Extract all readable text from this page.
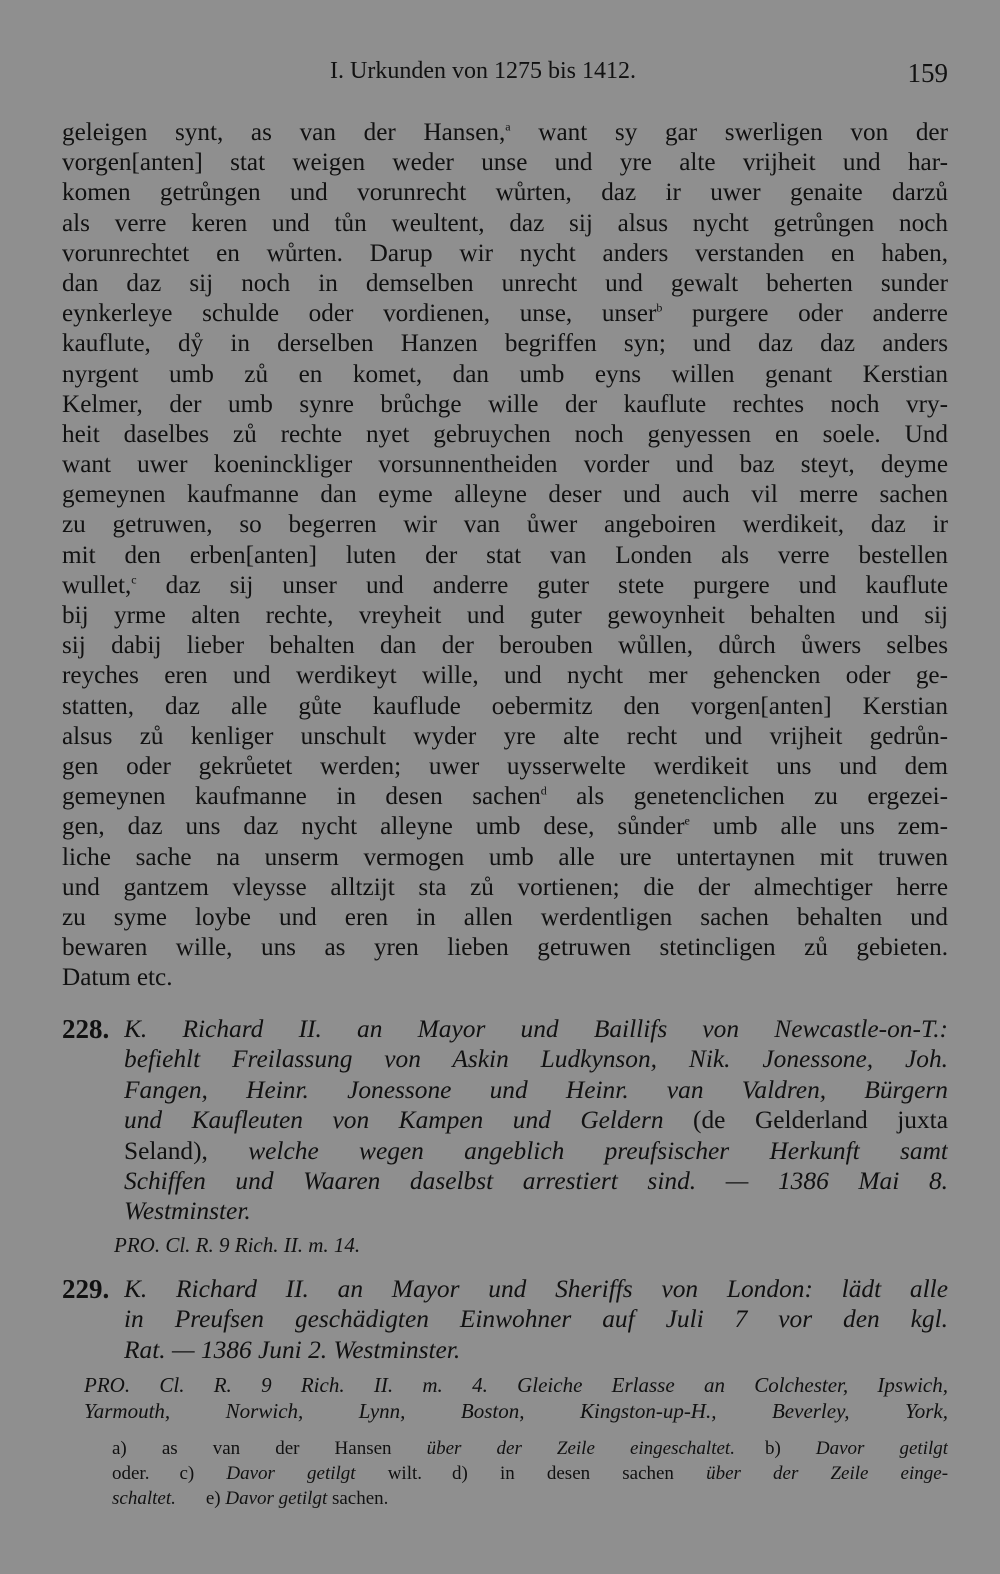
I. Urkunden von 1275 bis 1412.	159
geleigen synt, as van der Hansen,$^a$ want sy gar swerligen von der
vorgen[anten] stat weigen weder unse und yre alte vrijheit und har-
komen getrůngen und vorunrecht wůrten, daz ir uwer genaite darzů
als verre keren und tůn weultent, daz sij alsus nycht getrůngen noch
vorunrechtet en wůrten. Darup wir nycht anders verstanden en haben,
dan daz sij noch in demselben unrecht und gewalt beherten sunder
eynkerleye schulde oder vordienen, unse, unser$^b$ purgere oder anderre
kauflute, dẙ in derselben Hanzen begriffen syn; und daz daz anders
nyrgent umb zů en komet, dan umb eyns willen genant Kerstian
Kelmer, der umb synre brůchge wille der kauflute rechtes noch vry-
heit daselbes zů rechte nyet gebruychen noch genyessen en soele. Und
want uwer koeninckliger vorsunnentheiden vorder und baz steyt, deyme
gemeynen kaufmanne dan eyme alleyne deser und auch vil merre sachen
zu getruwen, so begerren wir van ůwer angeboiren werdikeit, daz ir
mit den erben[anten] luten der stat van Londen als verre bestellen
wullet,$^c$ daz sij unser und anderre guter stete purgere und kauflute
bij yrme alten rechte, vreyheit und guter gewoynheit behalten und sij
sij dabij lieber behalten dan der berouben wůllen, důrch ůwers selbes
reyches eren und werdikeyt wille, und nycht mer gehencken oder ge-
statten, daz alle gůte kauflude oebermitz den vorgen[anten] Kerstian
alsus zů kenliger unschult wyder yre alte recht und vrijheit gedrůn-
gen oder gekrůetet werden; uwer uysserwelte werdikeit uns und dem
gemeynen kaufmanne in desen sachen$^d$ als genetenclichen zu ergezei-
gen, daz uns daz nycht alleyne umb dese, sůnder$^e$ umb alle uns zem-
liche sache na unserm vermogen umb alle ure untertaynen mit truwen
und gantzem vleysse alltzijt sta zů vortienen; die der almechtiger herre
zu syme loybe und eren in allen werdentligen sachen behalten und
bewaren wille, uns as yren lieben getruwen stetincligen zů gebieten.
Datum etc.
228. K. Richard II. an Mayor und Baillifs von Newcastle-on-T.:
befiehlt Freilassung von Askin Ludkynson, Nik. Jonessone, Joh.
Fangen, Heinr. Jonessone und Heinr. van Valdren, Bürgern
und Kaufleuten von Kampen und Geldern (de Gelderland juxta
Seland), welche wegen angeblich preufsischer Herkunft samt
Schiffen und Waaren daselbst arrestiert sind. — 1386 Mai 8.
Westminster.
PRO. Cl. R. 9 Rich. II. m. 14.
229. K. Richard II. an Mayor und Sheriffs von London: lädt alle
in Preufsen geschädigten Einwohner auf Juli 7 vor den kgl.
Rat. — 1386 Juni 2. Westminster.
PRO. Cl. R. 9 Rich. II. m. 4. Gleiche Erlasse an Colchester, Ipswich,
Yarmouth, Norwich, Lynn, Boston, Kingston-up-H., Beverley, York,
a) as van der Hansen über der Zeile eingeschaltet. b) Davor getilgt
oder. c) Davor getilgt wilt. d) in desen sachen über der Zeile einge-
schaltet. e) Davor getilgt sachen.
